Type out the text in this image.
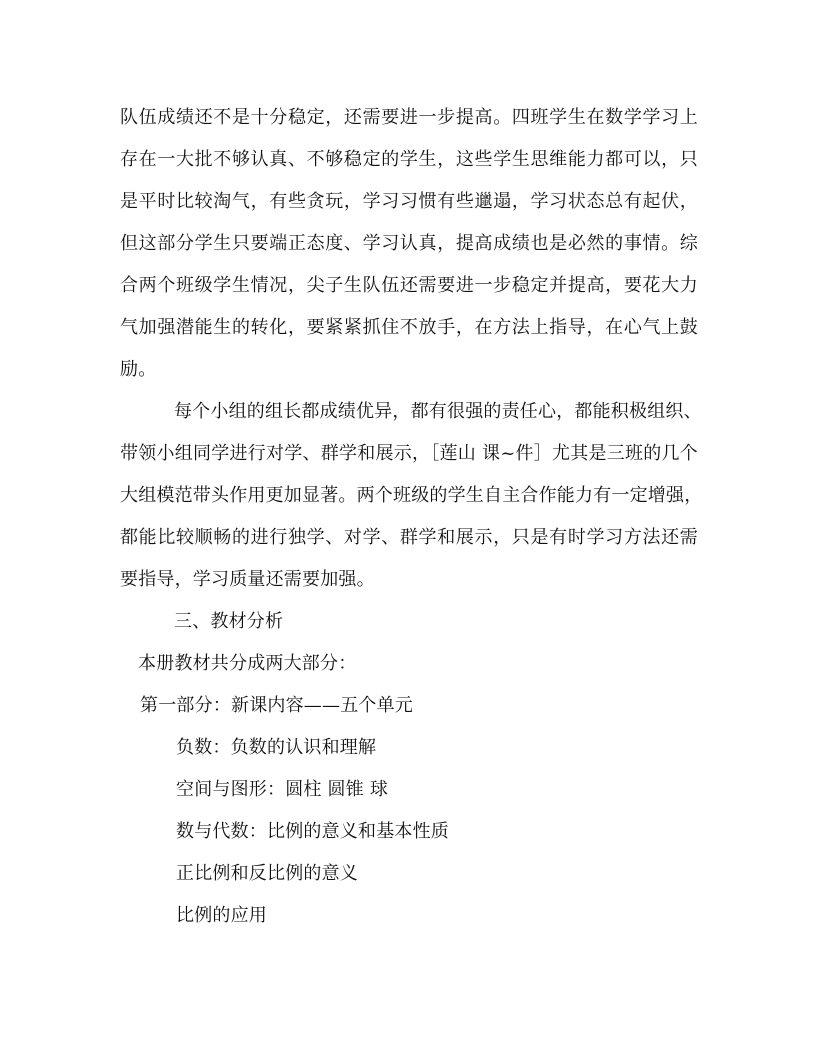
队伍成绩还不是十分稳定，还需要进一步提高。四班学生在数学学习上
存在一大批不够认真、不够稳定的学生，这些学生思维能力都可以，只
是平时比较淘气，有些贪玩，学习习惯有些邋遢，学习状态总有起伏，
但这部分学生只要端正态度、学习认真，提高成绩也是必然的事情。综
合两个班级学生情况，尖子生队伍还需要进一步稳定并提高，要花大力
气加强潜能生的转化，要紧紧抓住不放手，在方法上指导，在心气上鼓
励。
每个小组的组长都成绩优异，都有很强的责任心，都能积极组织、
带领小组同学进行对学、群学和展示，［莲山 课~件］尤其是三班的几个
大组模范带头作用更加显著。两个班级的学生自主合作能力有一定增强，
都能比较顺畅的进行独学、对学、群学和展示，只是有时学习方法还需
要指导，学习质量还需要加强。
三、教材分析
本册教材共分成两大部分：
第一部分：新课内容——五个单元
负数：负数的认识和理解
空间与图形：圆柱 圆锥 球
数与代数：比例的意义和基本性质
正比例和反比例的意义
比例的应用
